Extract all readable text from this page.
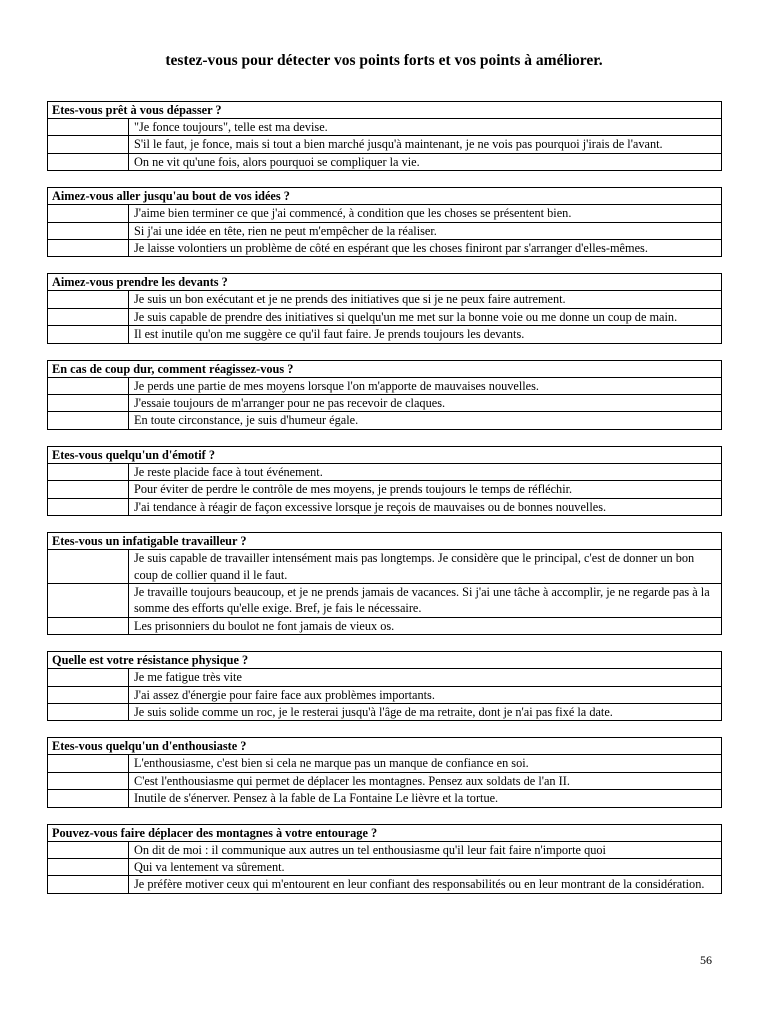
testez-vous pour détecter vos points forts et vos points à améliorer.
Etes-vous prêt à vous dépasser ?
"Je fonce toujours", telle est ma devise.
S'il le faut, je fonce, mais si tout a bien marché jusqu'à maintenant, je ne vois pas pourquoi j'irais de l'avant.
On ne vit qu'une fois, alors pourquoi se compliquer la vie.
Aimez-vous aller jusqu'au bout de vos idées ?
J'aime bien terminer ce que j'ai commencé, à condition que les choses se présentent bien.
Si j'ai une idée en tête, rien ne peut m'empêcher de la réaliser.
Je laisse volontiers un problème de côté en espérant que les choses finiront par s'arranger d'elles-mêmes.
Aimez-vous prendre les devants ?
Je suis un bon exécutant et je ne prends des initiatives que si je ne peux faire autrement.
Je suis capable de prendre des initiatives si quelqu'un me met sur la bonne voie ou me donne un coup de main.
Il est inutile qu'on me suggère ce qu'il faut faire. Je prends toujours les devants.
En cas de coup dur, comment réagissez-vous ?
Je perds une partie de mes moyens lorsque l'on m'apporte de mauvaises nouvelles.
J'essaie toujours de m'arranger pour ne pas recevoir de claques.
En toute circonstance, je suis d'humeur égale.
Etes-vous quelqu'un d'émotif ?
Je reste placide face à tout événement.
Pour éviter de perdre le contrôle de mes moyens, je prends toujours le temps de réfléchir.
J'ai tendance à réagir de façon excessive lorsque je reçois de mauvaises ou de bonnes nouvelles.
Etes-vous un infatigable travailleur ?
Je suis capable de travailler intensément mais pas longtemps. Je considère que le principal, c'est de donner un bon coup de collier quand il le faut.
Je travaille toujours beaucoup, et je ne prends jamais de vacances. Si j'ai une tâche à accomplir, je ne regarde pas à la somme des efforts qu'elle exige. Bref, je fais le nécessaire.
Les prisonniers du boulot ne font jamais de vieux os.
Quelle est votre résistance physique ?
Je me fatigue très vite
J'ai assez d'énergie pour faire face aux problèmes importants.
Je suis solide comme un roc, je le resterai jusqu'à l'âge de ma retraite, dont je n'ai pas fixé la date.
Etes-vous quelqu'un d'enthousiaste ?
L'enthousiasme, c'est bien si cela ne marque pas un manque de confiance en soi.
C'est l'enthousiasme qui permet de déplacer les montagnes. Pensez aux soldats de l'an II.
Inutile de s'énerver. Pensez à la fable de La Fontaine Le lièvre et la tortue.
Pouvez-vous faire déplacer des montagnes à votre entourage ?
On dit de moi : il communique aux autres un tel enthousiasme qu'il leur fait faire n'importe quoi
Qui va lentement va sûrement.
Je préfère motiver ceux qui m'entourent en leur confiant des responsabilités ou en leur montrant de la considération.
56
